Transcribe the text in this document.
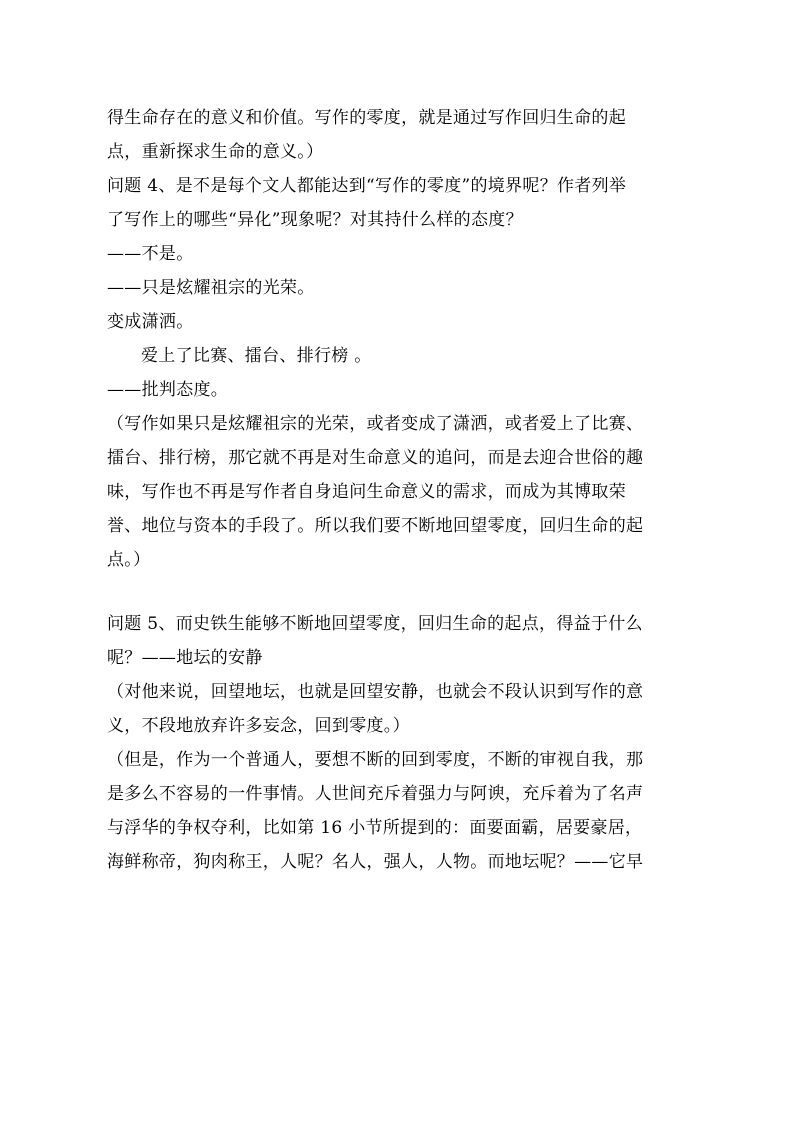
得生命存在的意义和价值。写作的零度，就是通过写作回归生命的起
点，重新探求生命的意义。）
问题 4、是不是每个文人都能达到“写作的零度”的境界呢？作者列举
了写作上的哪些“异化”现象呢？对其持什么样的态度？
——不是。
——只是炫耀祖宗的光荣。
变成潇洒。
爱上了比赛、擂台、排行榜 。
——批判态度。
（写作如果只是炫耀祖宗的光荣，或者变成了潇洒，或者爱上了比赛、
擂台、排行榜，那它就不再是对生命意义的追问，而是去迎合世俗的趣
味，写作也不再是写作者自身追问生命意义的需求，而成为其博取荣
誉、地位与资本的手段了。所以我们要不断地回望零度，回归生命的起
点。）
问题 5、而史铁生能够不断地回望零度，回归生命的起点，得益于什么
呢？——地坛的安静
（对他来说，回望地坛，也就是回望安静，也就会不段认识到写作的意
义，不段地放弃许多妄念，回到零度。）
（但是，作为一个普通人，要想不断的回到零度，不断的审视自我，那
是多么不容易的一件事情。人世间充斥着强力与阿谀，充斥着为了名声
与浮华的争权夺利，比如第 16 小节所提到的：面要面霸，居要豪居，
海鲜称帝，狗肉称王，人呢？名人，强人，人物。而地坛呢？——它早
